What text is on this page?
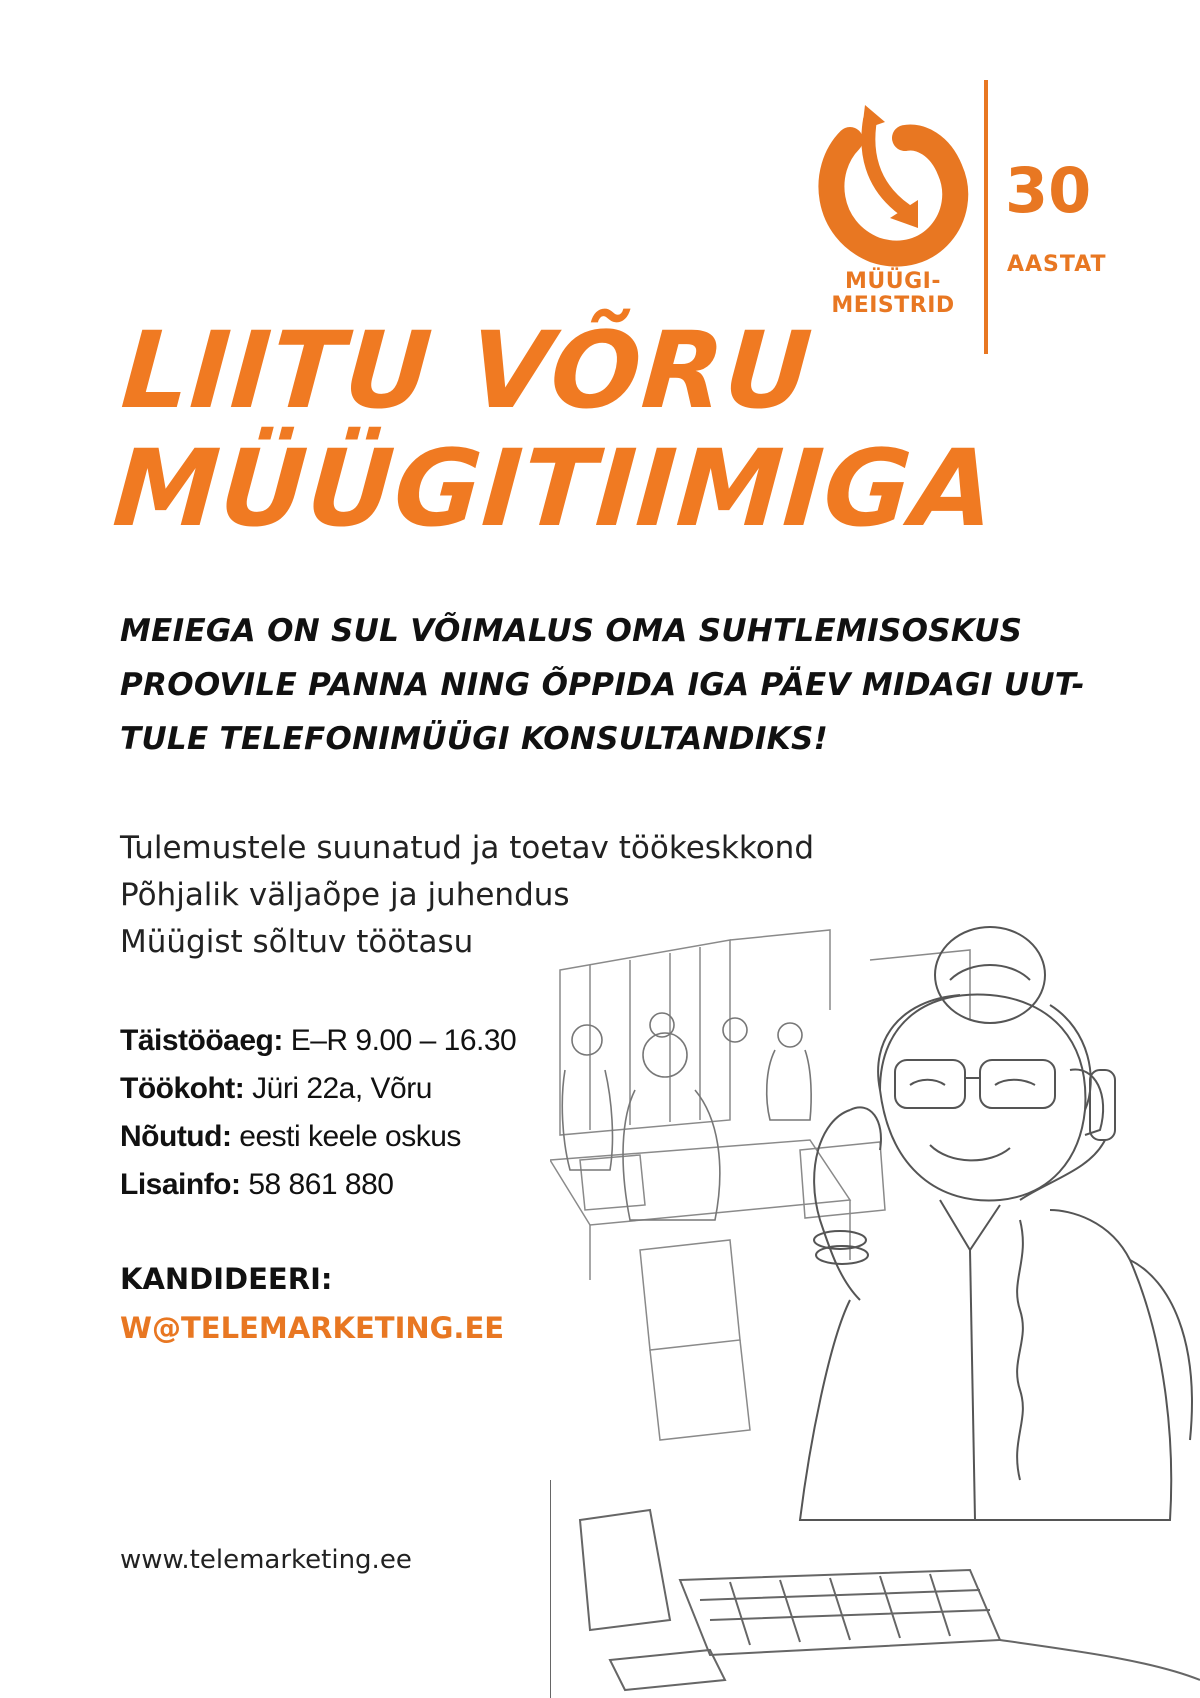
MÜÜGI-
MEISTRID
30
AASTAT
LIITU VÕRU
MÜÜGITIIMIGA
MEIEGA ON SUL VÕIMALUS OMA SUHTLEMISOSKUS
PROOVILE PANNA NING ÕPPIDA IGA PÄEV MIDAGI UUT-
TULE TELEFONIMÜÜGI KONSULTANDIKS!
Tulemustele suunatud ja toetav töökeskkond
Põhjalik väljaõpe ja juhendus
Müügist sõltuv töötasu
Täistööaeg: E–R 9.00 – 16.30
Töökoht: Jüri 22a, Võru
Nõutud: eesti keele oskus
Lisainfo: 58 861 880
KANDIDEERI:
W@TELEMARKETING.EE
www.telemarketing.ee
